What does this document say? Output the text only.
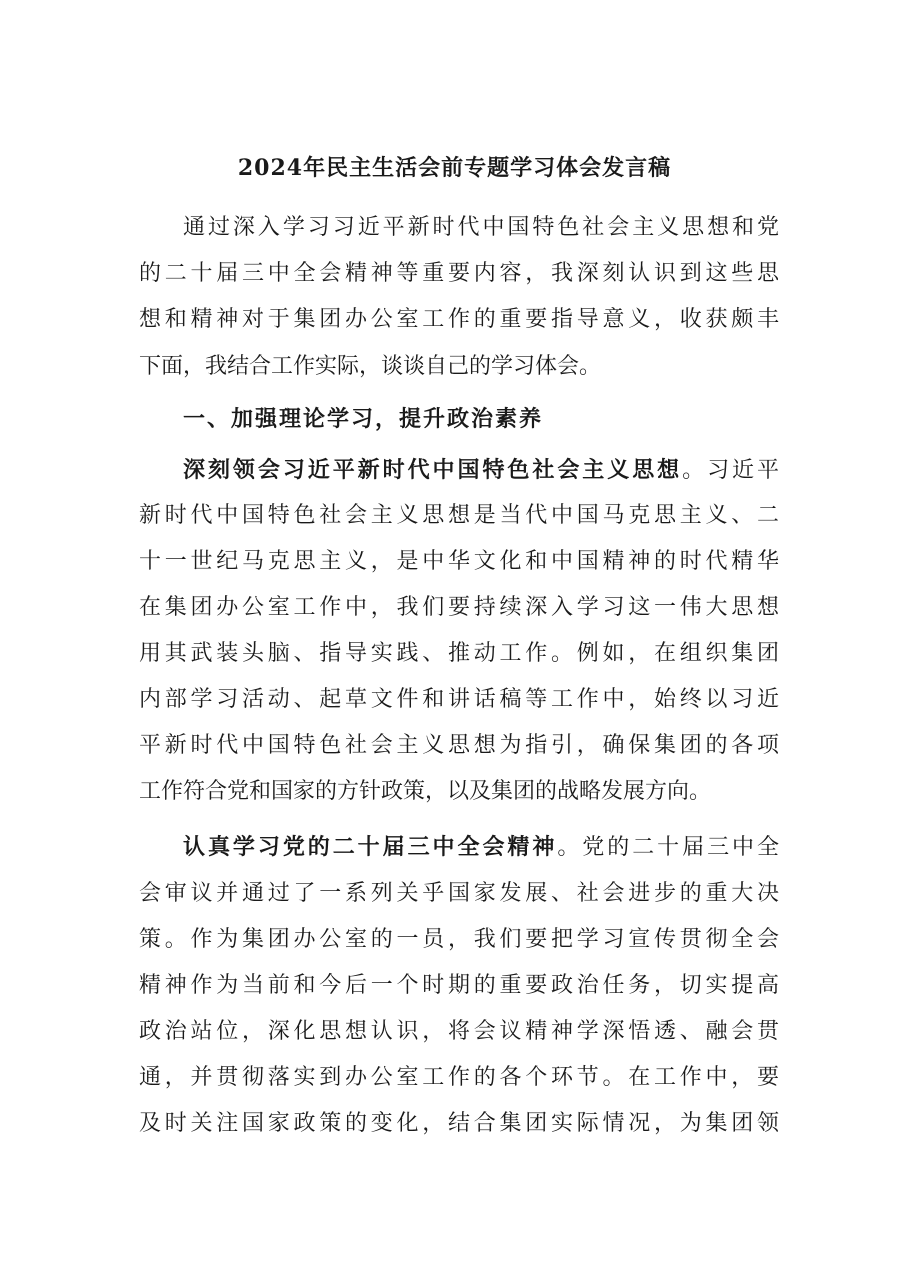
2024年民主生活会前专题学习体会发言稿
通过深入学习习近平新时代中国特色社会主义思想和党
的二十届三中全会精神等重要内容，我深刻认识到这些思
想和精神对于集团办公室工作的重要指导意义，收获颇丰
下面，我结合工作实际，谈谈自己的学习体会。
一、加强理论学习，提升政治素养
深刻领会习近平新时代中国特色社会主义思想。习近平
新时代中国特色社会主义思想是当代中国马克思主义、二
十一世纪马克思主义，是中华文化和中国精神的时代精华
在集团办公室工作中，我们要持续深入学习这一伟大思想
用其武装头脑、指导实践、推动工作。例如，在组织集团
内部学习活动、起草文件和讲话稿等工作中，始终以习近
平新时代中国特色社会主义思想为指引，确保集团的各项
工作符合党和国家的方针政策，以及集团的战略发展方向。
认真学习党的二十届三中全会精神。党的二十届三中全
会审议并通过了一系列关乎国家发展、社会进步的重大决
策。作为集团办公室的一员，我们要把学习宣传贯彻全会
精神作为当前和今后一个时期的重要政治任务，切实提高
政治站位，深化思想认识，将会议精神学深悟透、融会贯
通，并贯彻落实到办公室工作的各个环节。在工作中，要
及时关注国家政策的变化，结合集团实际情况，为集团领
